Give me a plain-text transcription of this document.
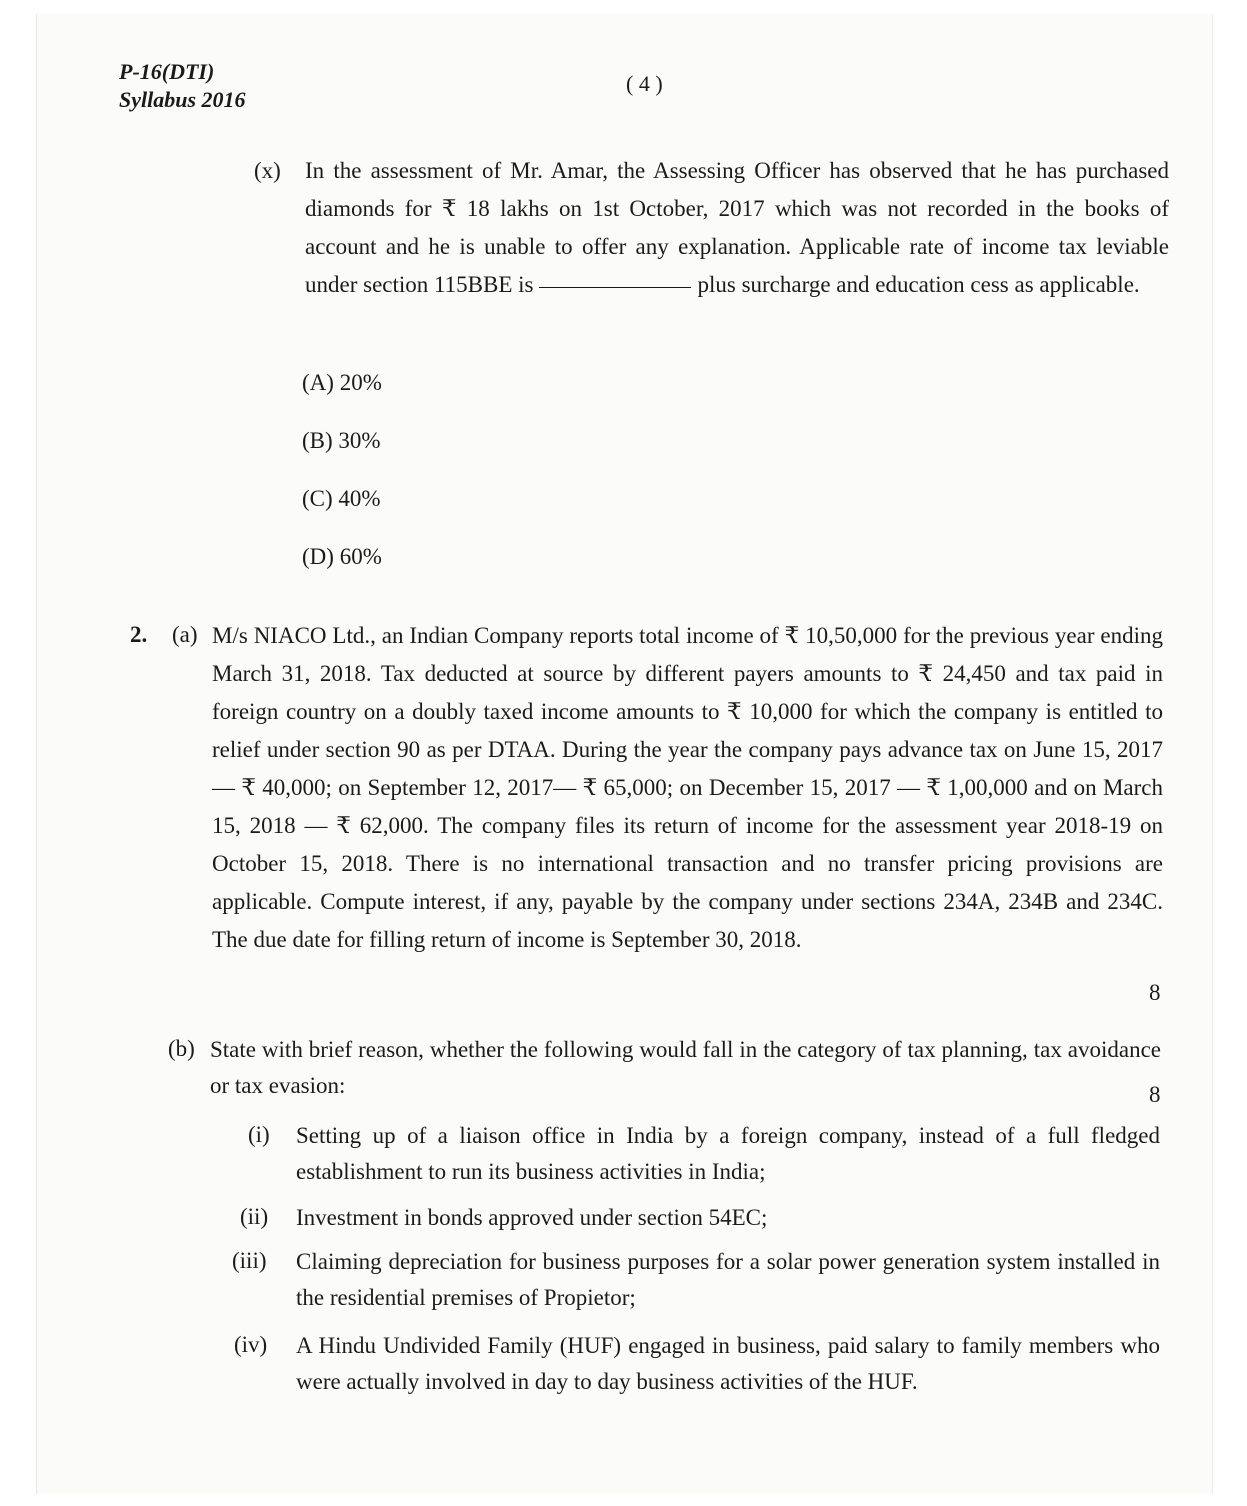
P-16(DTI)
Syllabus 2016
( 4 )
(x) In the assessment of Mr. Amar, the Assessing Officer has observed that he has purchased diamonds for ₹ 18 lakhs on 1st October, 2017 which was not recorded in the books of account and he is unable to offer any explanation. Applicable rate of income tax leviable under section 115BBE is	plus surcharge and education cess as applicable.
(A) 20%
(B) 30%
(C) 40%
(D) 60%
2. (a) M/s NIACO Ltd., an Indian Company reports total income of ₹ 10,50,000 for the previous year ending March 31, 2018. Tax deducted at source by different payers amounts to ₹ 24,450 and tax paid in foreign country on a doubly taxed income amounts to ₹ 10,000 for which the company is entitled to relief under section 90 as per DTAA. During the year the company pays advance tax on June 15, 2017 — ₹ 40,000; on September 12, 2017— ₹ 65,000; on December 15, 2017 — ₹ 1,00,000 and on March 15, 2018 — ₹ 62,000. The company files its return of income for the assessment year 2018-19 on October 15, 2018. There is no international transaction and no transfer pricing provisions are applicable. Compute interest, if any, payable by the company under sections 234A, 234B and 234C. The due date for filling return of income is September 30, 2018.
8
(b) State with brief reason, whether the following would fall in the category of tax planning, tax avoidance or tax evasion:	8
(i) Setting up of a liaison office in India by a foreign company, instead of a full fledged establishment to run its business activities in India;
(ii) Investment in bonds approved under section 54EC;
(iii) Claiming depreciation for business purposes for a solar power generation system installed in the residential premises of Propietor;
(iv) A Hindu Undivided Family (HUF) engaged in business, paid salary to family members who were actually involved in day to day business activities of the HUF.
